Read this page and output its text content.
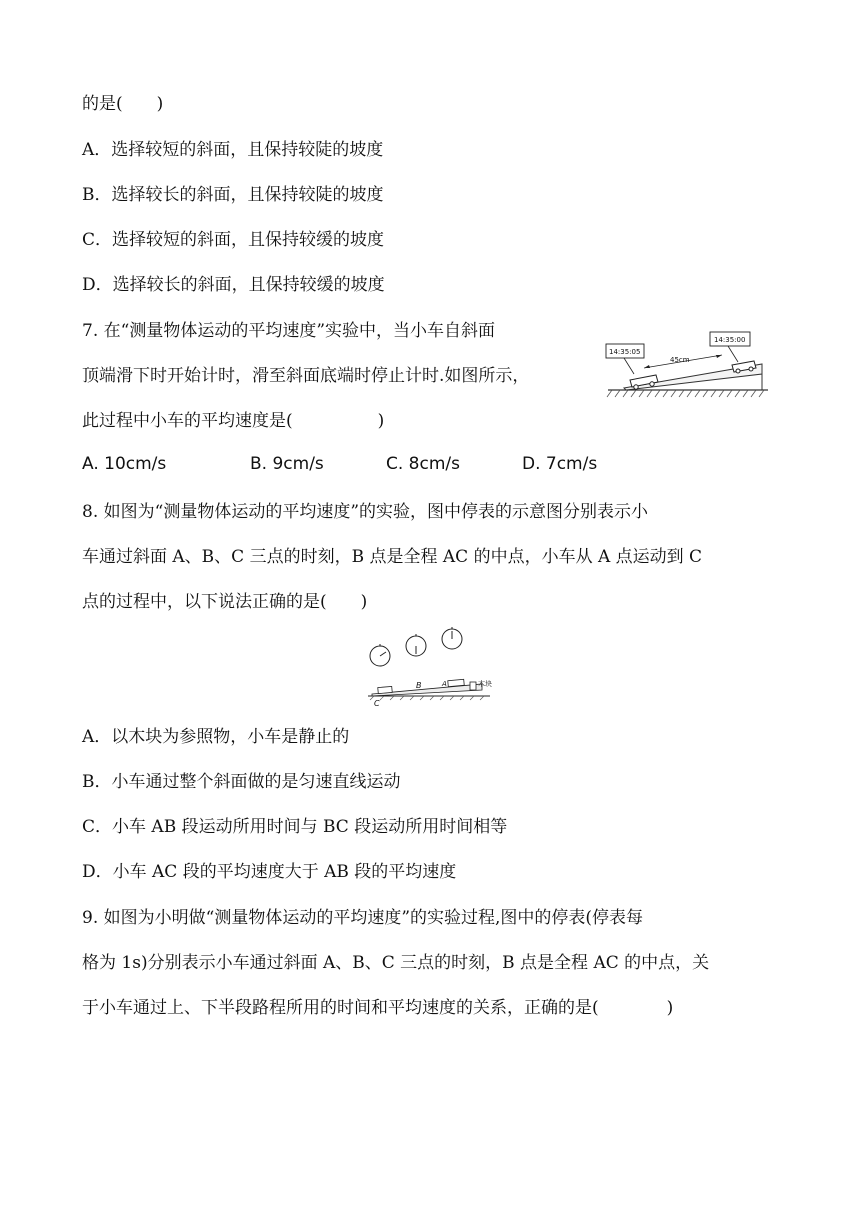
的是(　　)
A．选择较短的斜面，且保持较陡的坡度
B．选择较长的斜面，且保持较陡的坡度
C．选择较短的斜面，且保持较缓的坡度
D．选择较长的斜面，且保持较缓的坡度
7. 在“测量物体运动的平均速度”实验中，当小车自斜面
顶端滑下时开始计时，滑至斜面底端时停止计时.如图所示，
此过程中小车的平均速度是(　　　　　)
45cm
14:35:05
14:35:00
A. 10cm/s	B. 9cm/s	C. 8cm/s	D. 7cm/s
8. 如图为“测量物体运动的平均速度”的实验，图中停表的示意图分别表示小
车通过斜面 A、B、C 三点的时刻，B 点是全程 AC 的中点，小车从 A 点运动到 C
点的过程中，以下说法正确的是(　　)
C
B	A	木块
A．以木块为参照物，小车是静止的
B．小车通过整个斜面做的是匀速直线运动
C．小车 AB 段运动所用时间与 BC 段运动所用时间相等
D．小车 AC 段的平均速度大于 AB 段的平均速度
9. 如图为小明做“测量物体运动的平均速度”的实验过程,图中的停表(停表每
格为 1s)分别表示小车通过斜面 A、B、C 三点的时刻，B 点是全程 AC 的中点，关
于小车通过上、下半段路程所用的时间和平均速度的关系，正确的是(　　　　)
